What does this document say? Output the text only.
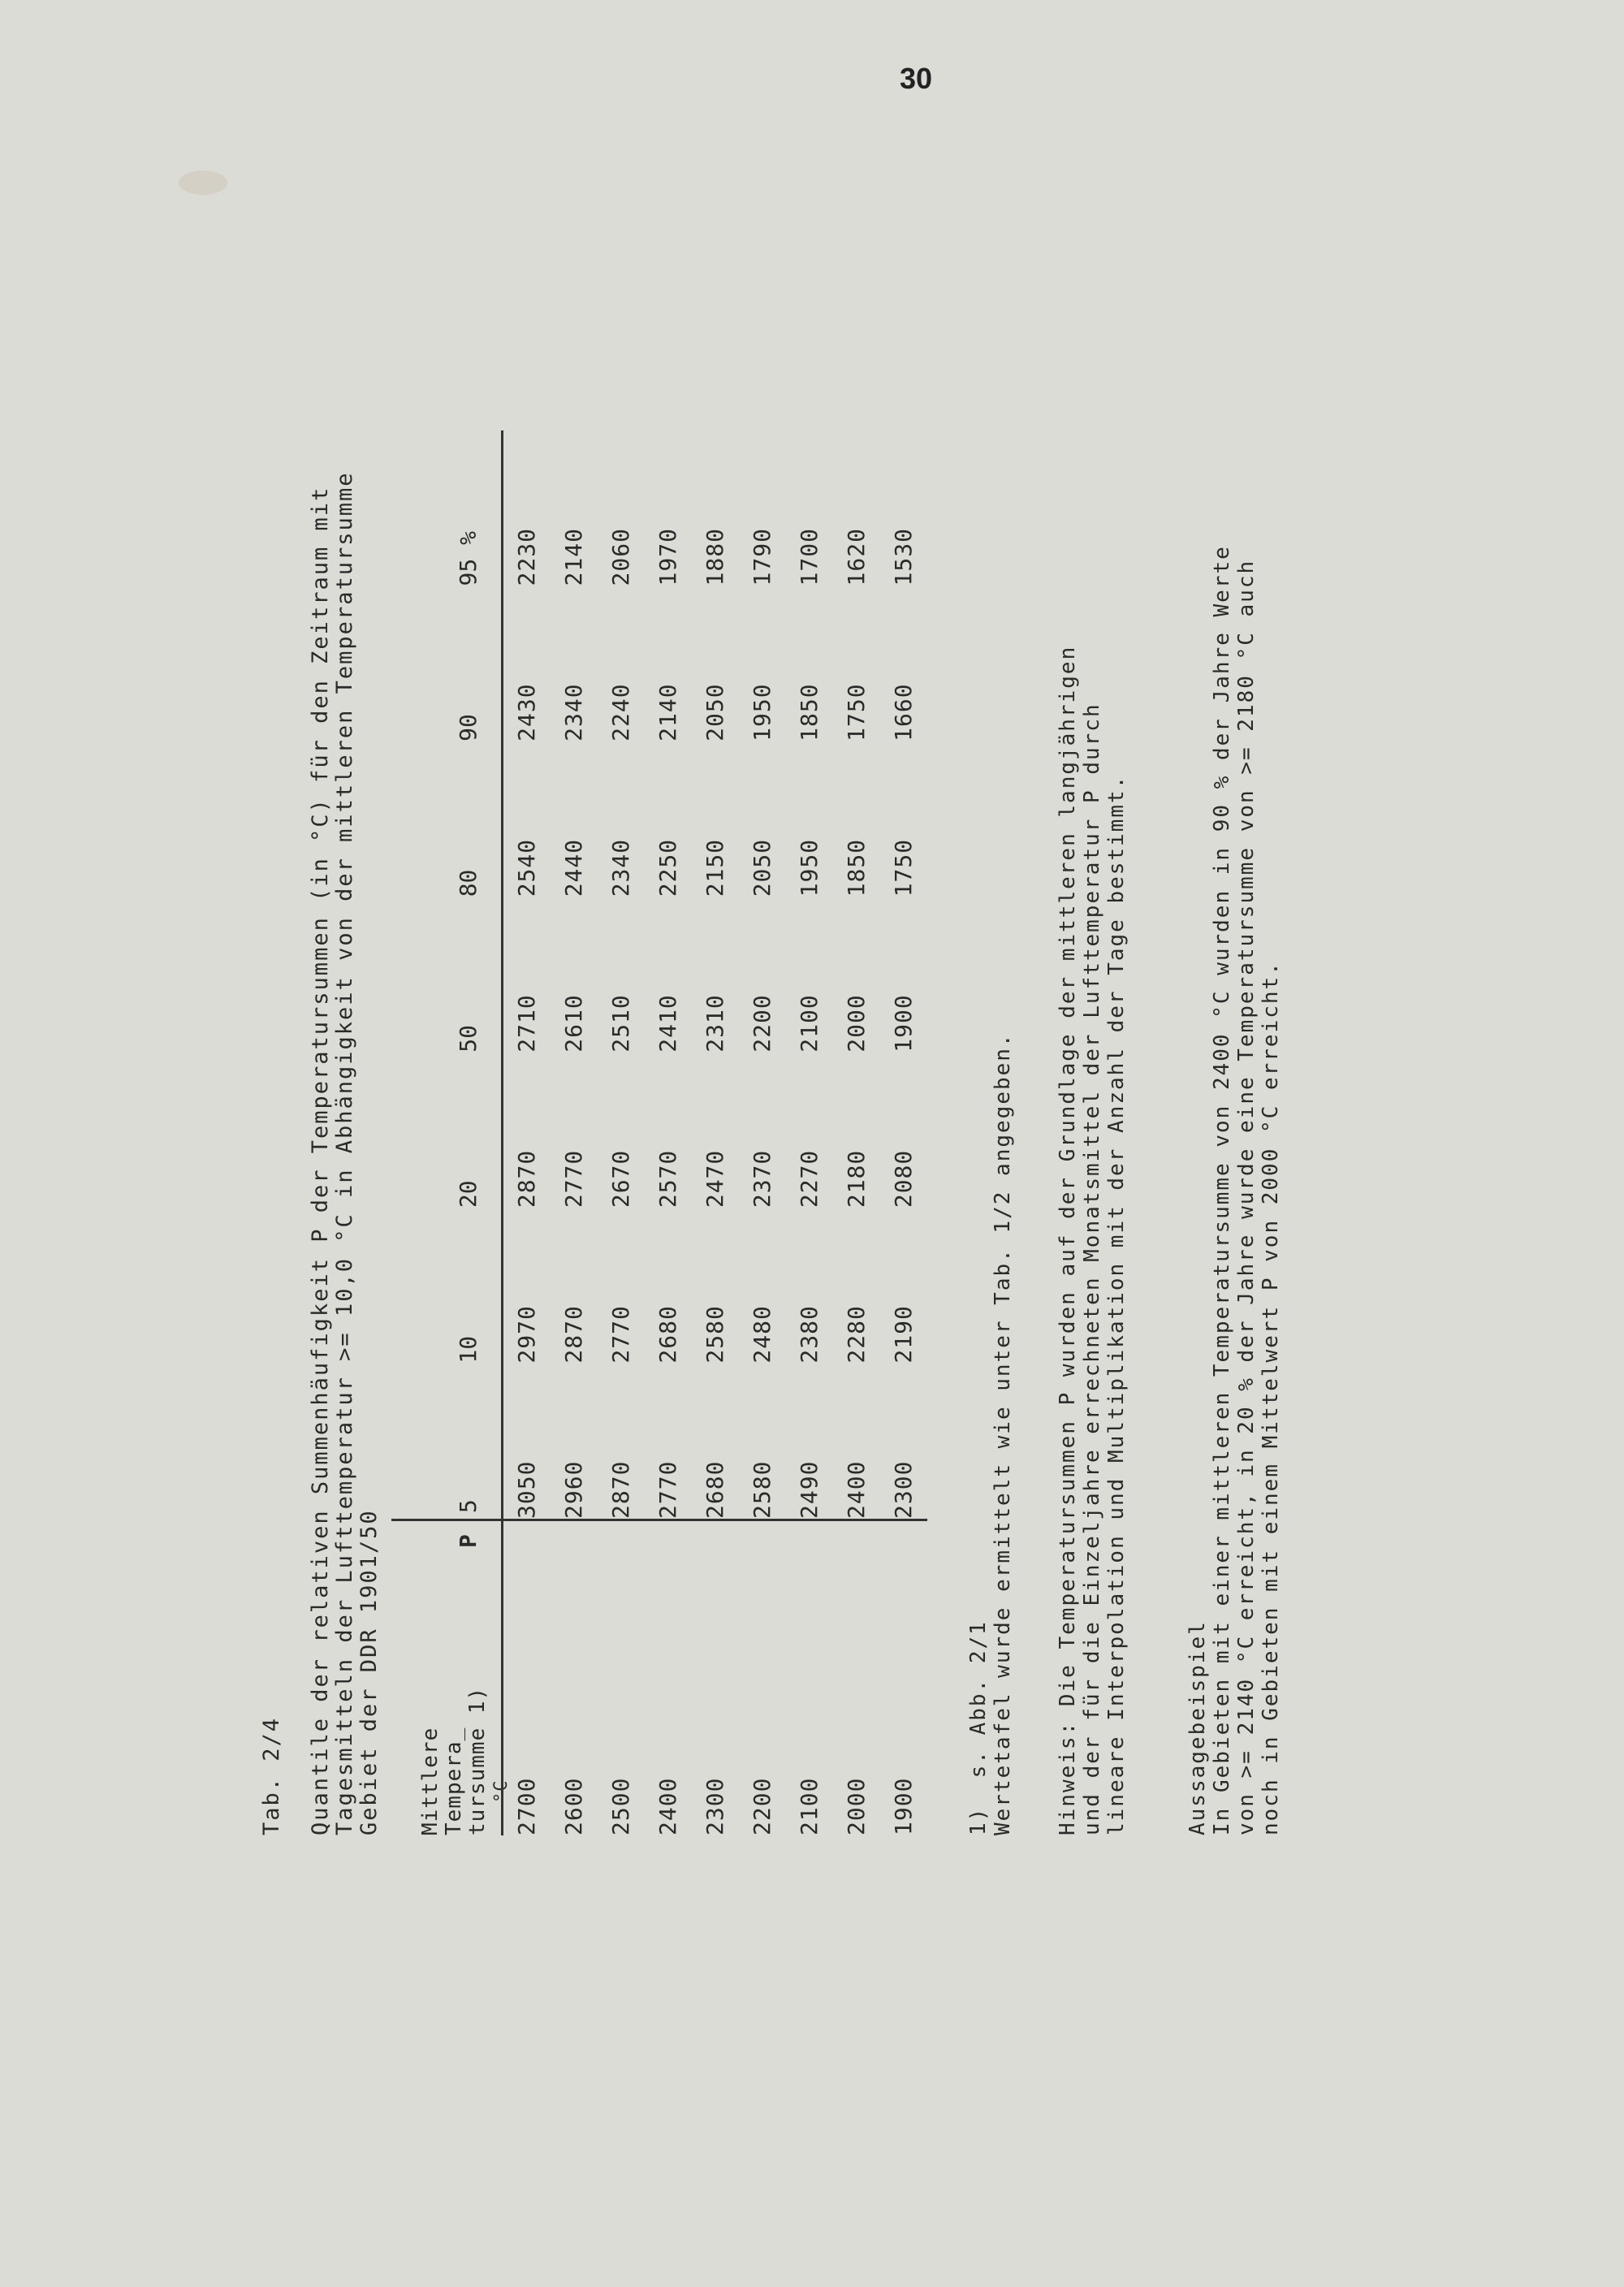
30
Tab. 2/4 Quantile der relativen Summenhäufigkeit P der Temperatursummen (in °C) für den Zeitraum mit Tagesmitteln der Lufttemperatur >= 10,0 °C in Abhängigkeit von der mittleren Temperatursumme Gebiet der DDR 1901/50 Mittlere Tempera_ tursumme 1) °C
P5
10
20
50
80
90
95 %
2700
3050
2970
2870
2710
2540
2430
2230
2600
2960
2870
2770
2610
2440
2340
2140
2500
2870
2770
2670
2510
2340
2240
2060
2400
2770
2680
2570
2410
2250
2140
1970
2300
2680
2580
2470
2310
2150
2050
1880
2200
2580
2480
2370
2200
2050
1950
1790
2100
2490
2380
2270
2100
1950
1850
1700
2000
2400
2280
2180
2000
1850
1750
1620
1900
2300
2190
2080
1900
1750
1660
1530
1)  s. Abb. 2/1 Wertetafel wurde ermittelt wie unter Tab. 1/2 angegeben. Hinweis: Die Temperatursummen P wurden auf der Grundlage der mittleren langjährigen und der für die Einzeljahre errechneten Monatsmittel der Lufttemperatur P durch lineare Interpolation und Multiplikation mit der Anzahl der Tage bestimmt.	Aussagebeispiel In Gebieten mit einer mittleren Temperatursumme von 2400 °C wurden in 90 % der Jahre Werte von >= 2140 °C erreicht, in 20 % der Jahre wurde eine Temperatursumme von >= 2180 °C auch noch in Gebieten mit einem Mittelwert P von 2000 °C erreicht.
